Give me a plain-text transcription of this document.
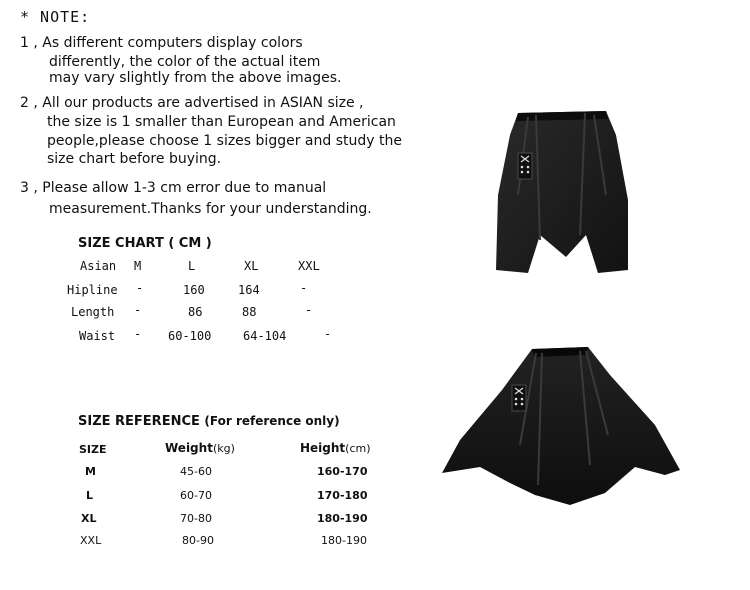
* NOTE:
1 , As different computers display colors
differently, the color of the actual item
may vary slightly from the above images.
2 , All our products are advertised in ASIAN size ,
the size is 1 smaller than European and American
people,please choose 1 sizes bigger and study the
size chart before buying.
3 , Please allow 1-3 cm error due to manual
measurement.Thanks for your understanding.
SIZE CHART ( CM )
Asian M	L	XL	XXL
Hipline -	160	164	-
Length -	86	88	-
Waist - 60-100	64-104	-
SIZE REFERENCE (For reference only)
SIZE	Weight(kg)	Height(cm)
M	45-60	160-170
L	60-70	170-180
XL	70-80	180-190
XXL	80-90	180-190
